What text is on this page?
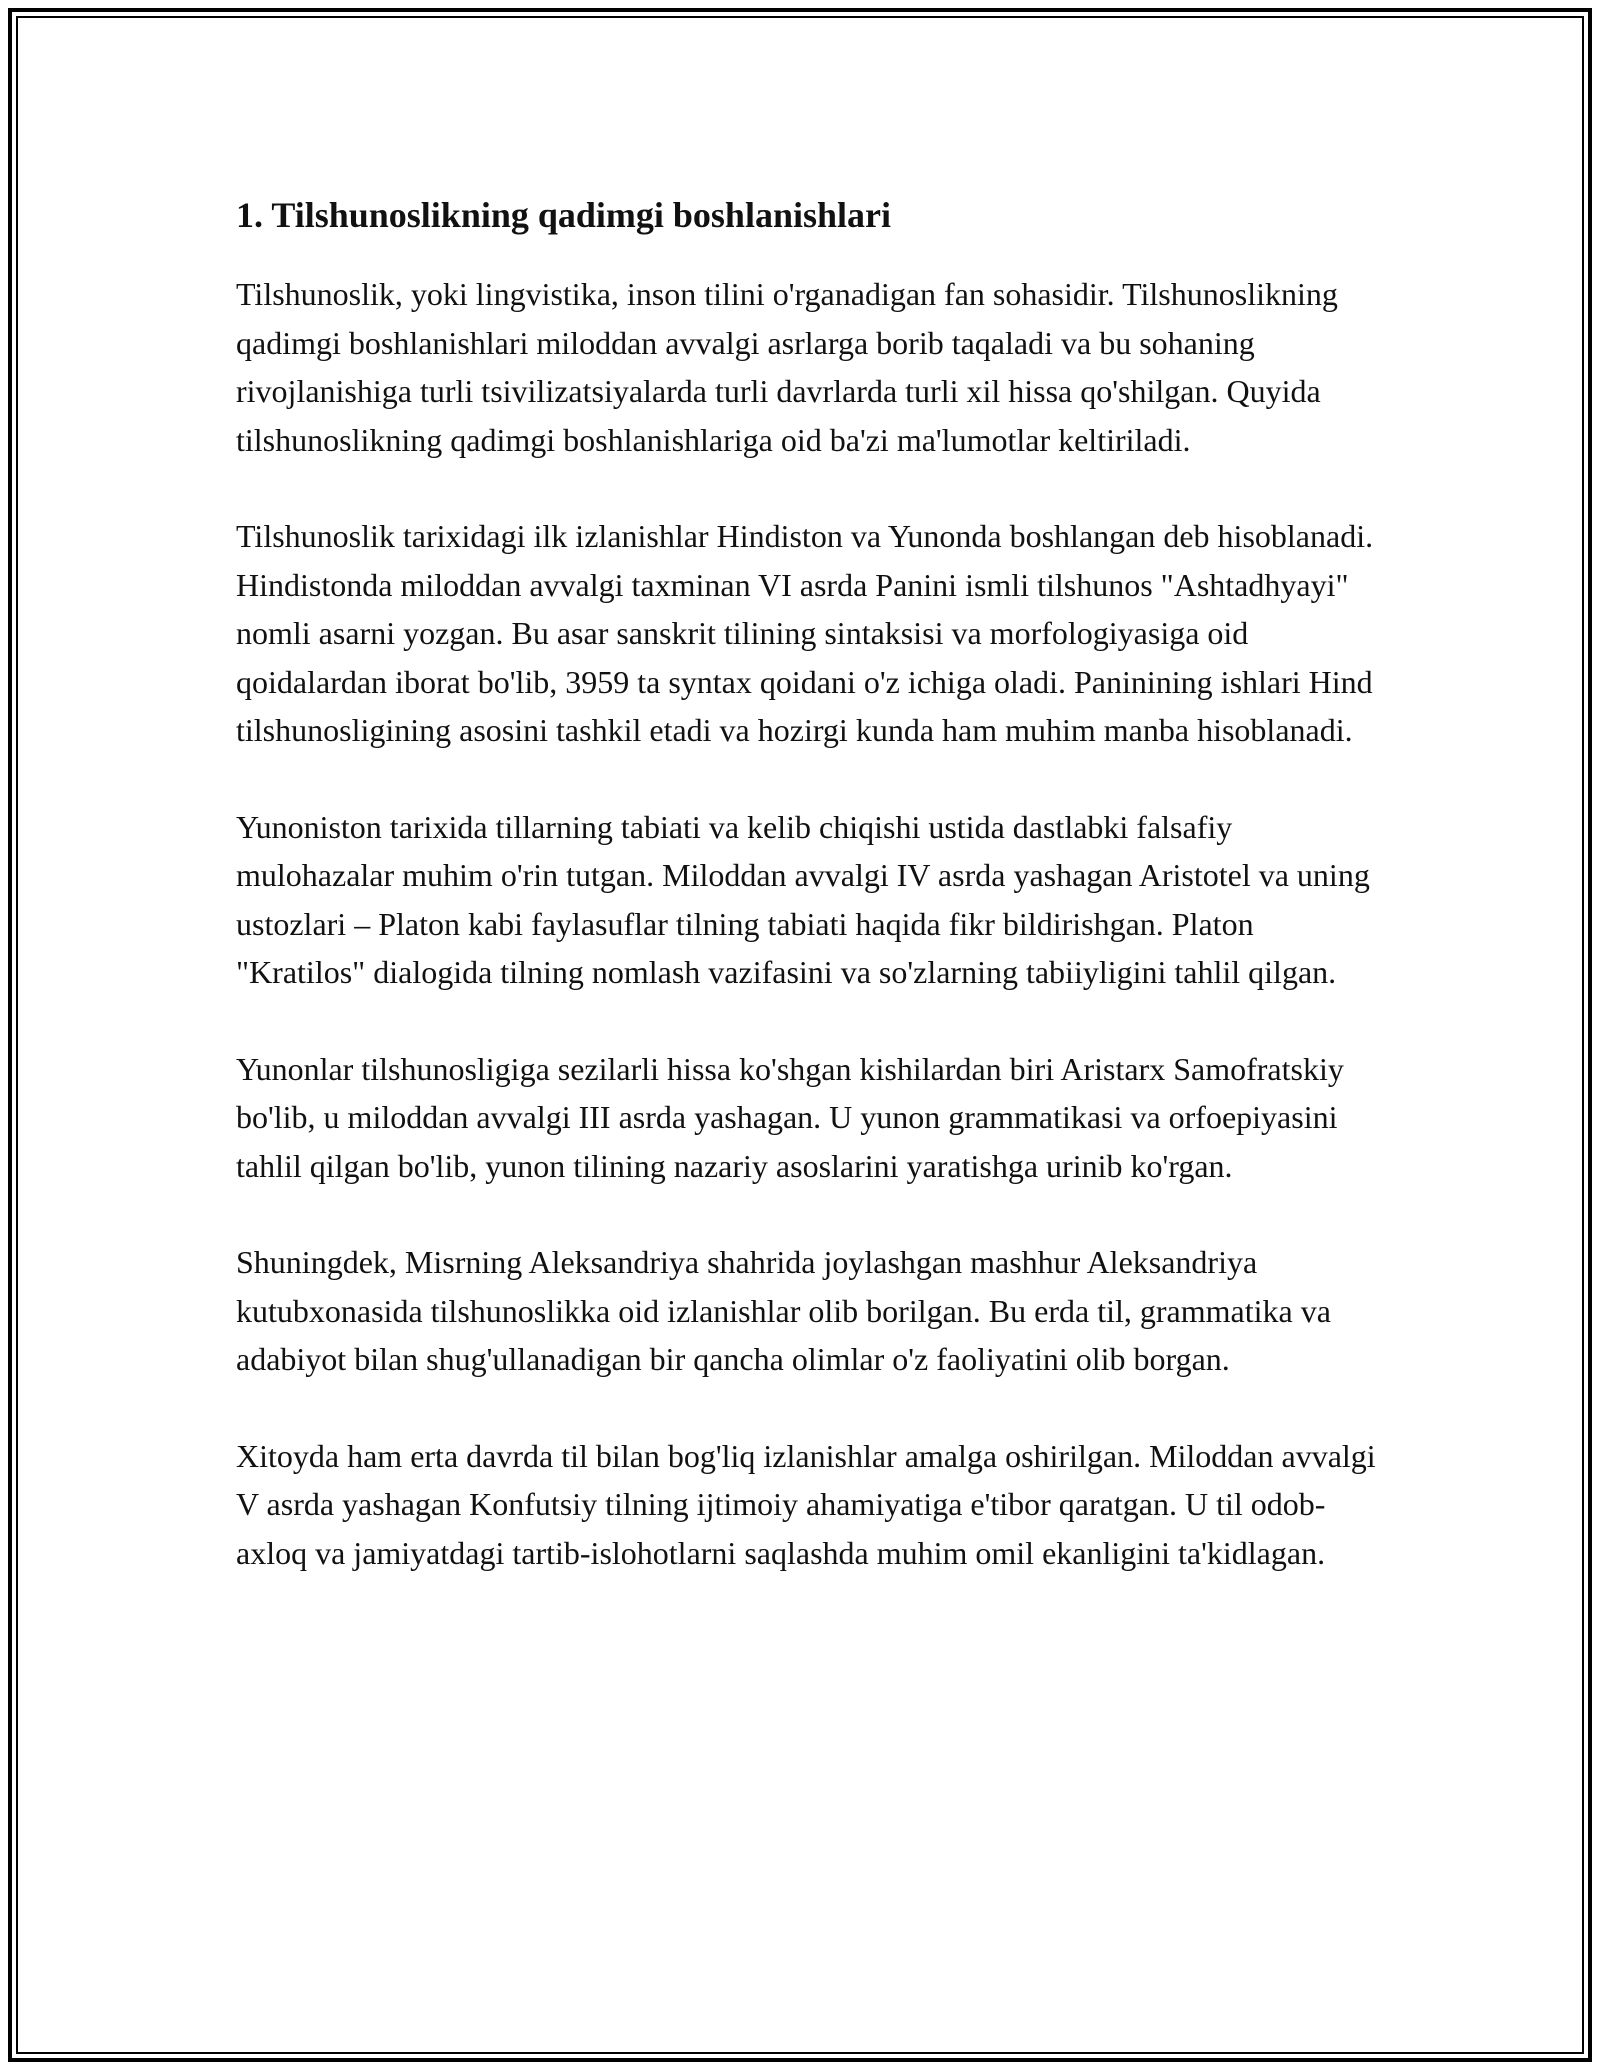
1. Tilshunoslikning qadimgi boshlanishlari

Tilshunoslik, yoki lingvistika, inson tilini o'rganadigan fan sohasidir. Tilshunoslikning qadimgi boshlanishlari miloddan avvalgi asrlarga borib taqaladi va bu sohaning rivojlanishiga turli tsivilizatsiyalarda turli davrlarda turli xil hissa qo'shilgan. Quyida tilshunoslikning qadimgi boshlanishlariga oid ba'zi ma'lumotlar keltiriladi.

Tilshunoslik tarixidagi ilk izlanishlar Hindiston va Yunonda boshlangan deb hisoblanadi. Hindistonda miloddan avvalgi taxminan VI asrda Panini ismli tilshunos "Ashtadhyayi" nomli asarni yozgan. Bu asar sanskrit tilining sintaksisi va morfologiyasiga oid qoidalardan iborat bo'lib, 3959 ta syntax qoidani o'z ichiga oladi. Paninining ishlari Hind tilshunosligining asosini tashkil etadi va hozirgi kunda ham muhim manba hisoblanadi.

Yunoniston tarixida tillarning tabiati va kelib chiqishi ustida dastlabki falsafiy mulohazalar muhim o'rin tutgan. Miloddan avvalgi IV asrda yashagan Aristotel va uning ustozlari – Platon kabi faylasuflar tilning tabiati haqida fikr bildirishgan. Platon "Kratilos" dialogida tilning nomlash vazifasini va so'zlarning tabiiyligini tahlil qilgan.

Yunonlar tilshunosligiga sezilarli hissa ko'shgan kishilardan biri Aristarx Samofratskiy bo'lib, u miloddan avvalgi III asrda yashagan. U yunon grammatikasi va orfoepiyasini tahlil qilgan bo'lib, yunon tilining nazariy asoslarini yaratishga urinib ko'rgan.

Shuningdek, Misrning Aleksandriya shahrida joylashgan mashhur Aleksandriya kutubxonasida tilshunoslikka oid izlanishlar olib borilgan. Bu erda til, grammatika va adabiyot bilan shug'ullanadigan bir qancha olimlar o'z faoliyatini olib borgan.

Xitoyda ham erta davrda til bilan bog'liq izlanishlar amalga oshirilgan. Miloddan avvalgi V asrda yashagan Konfutsiy tilning ijtimoiy ahamiyatiga e'tibor qaratgan. U til odob-axloq va jamiyatdagi tartib-islohotlarni saqlashda muhim omil ekanligini ta'kidlagan.
